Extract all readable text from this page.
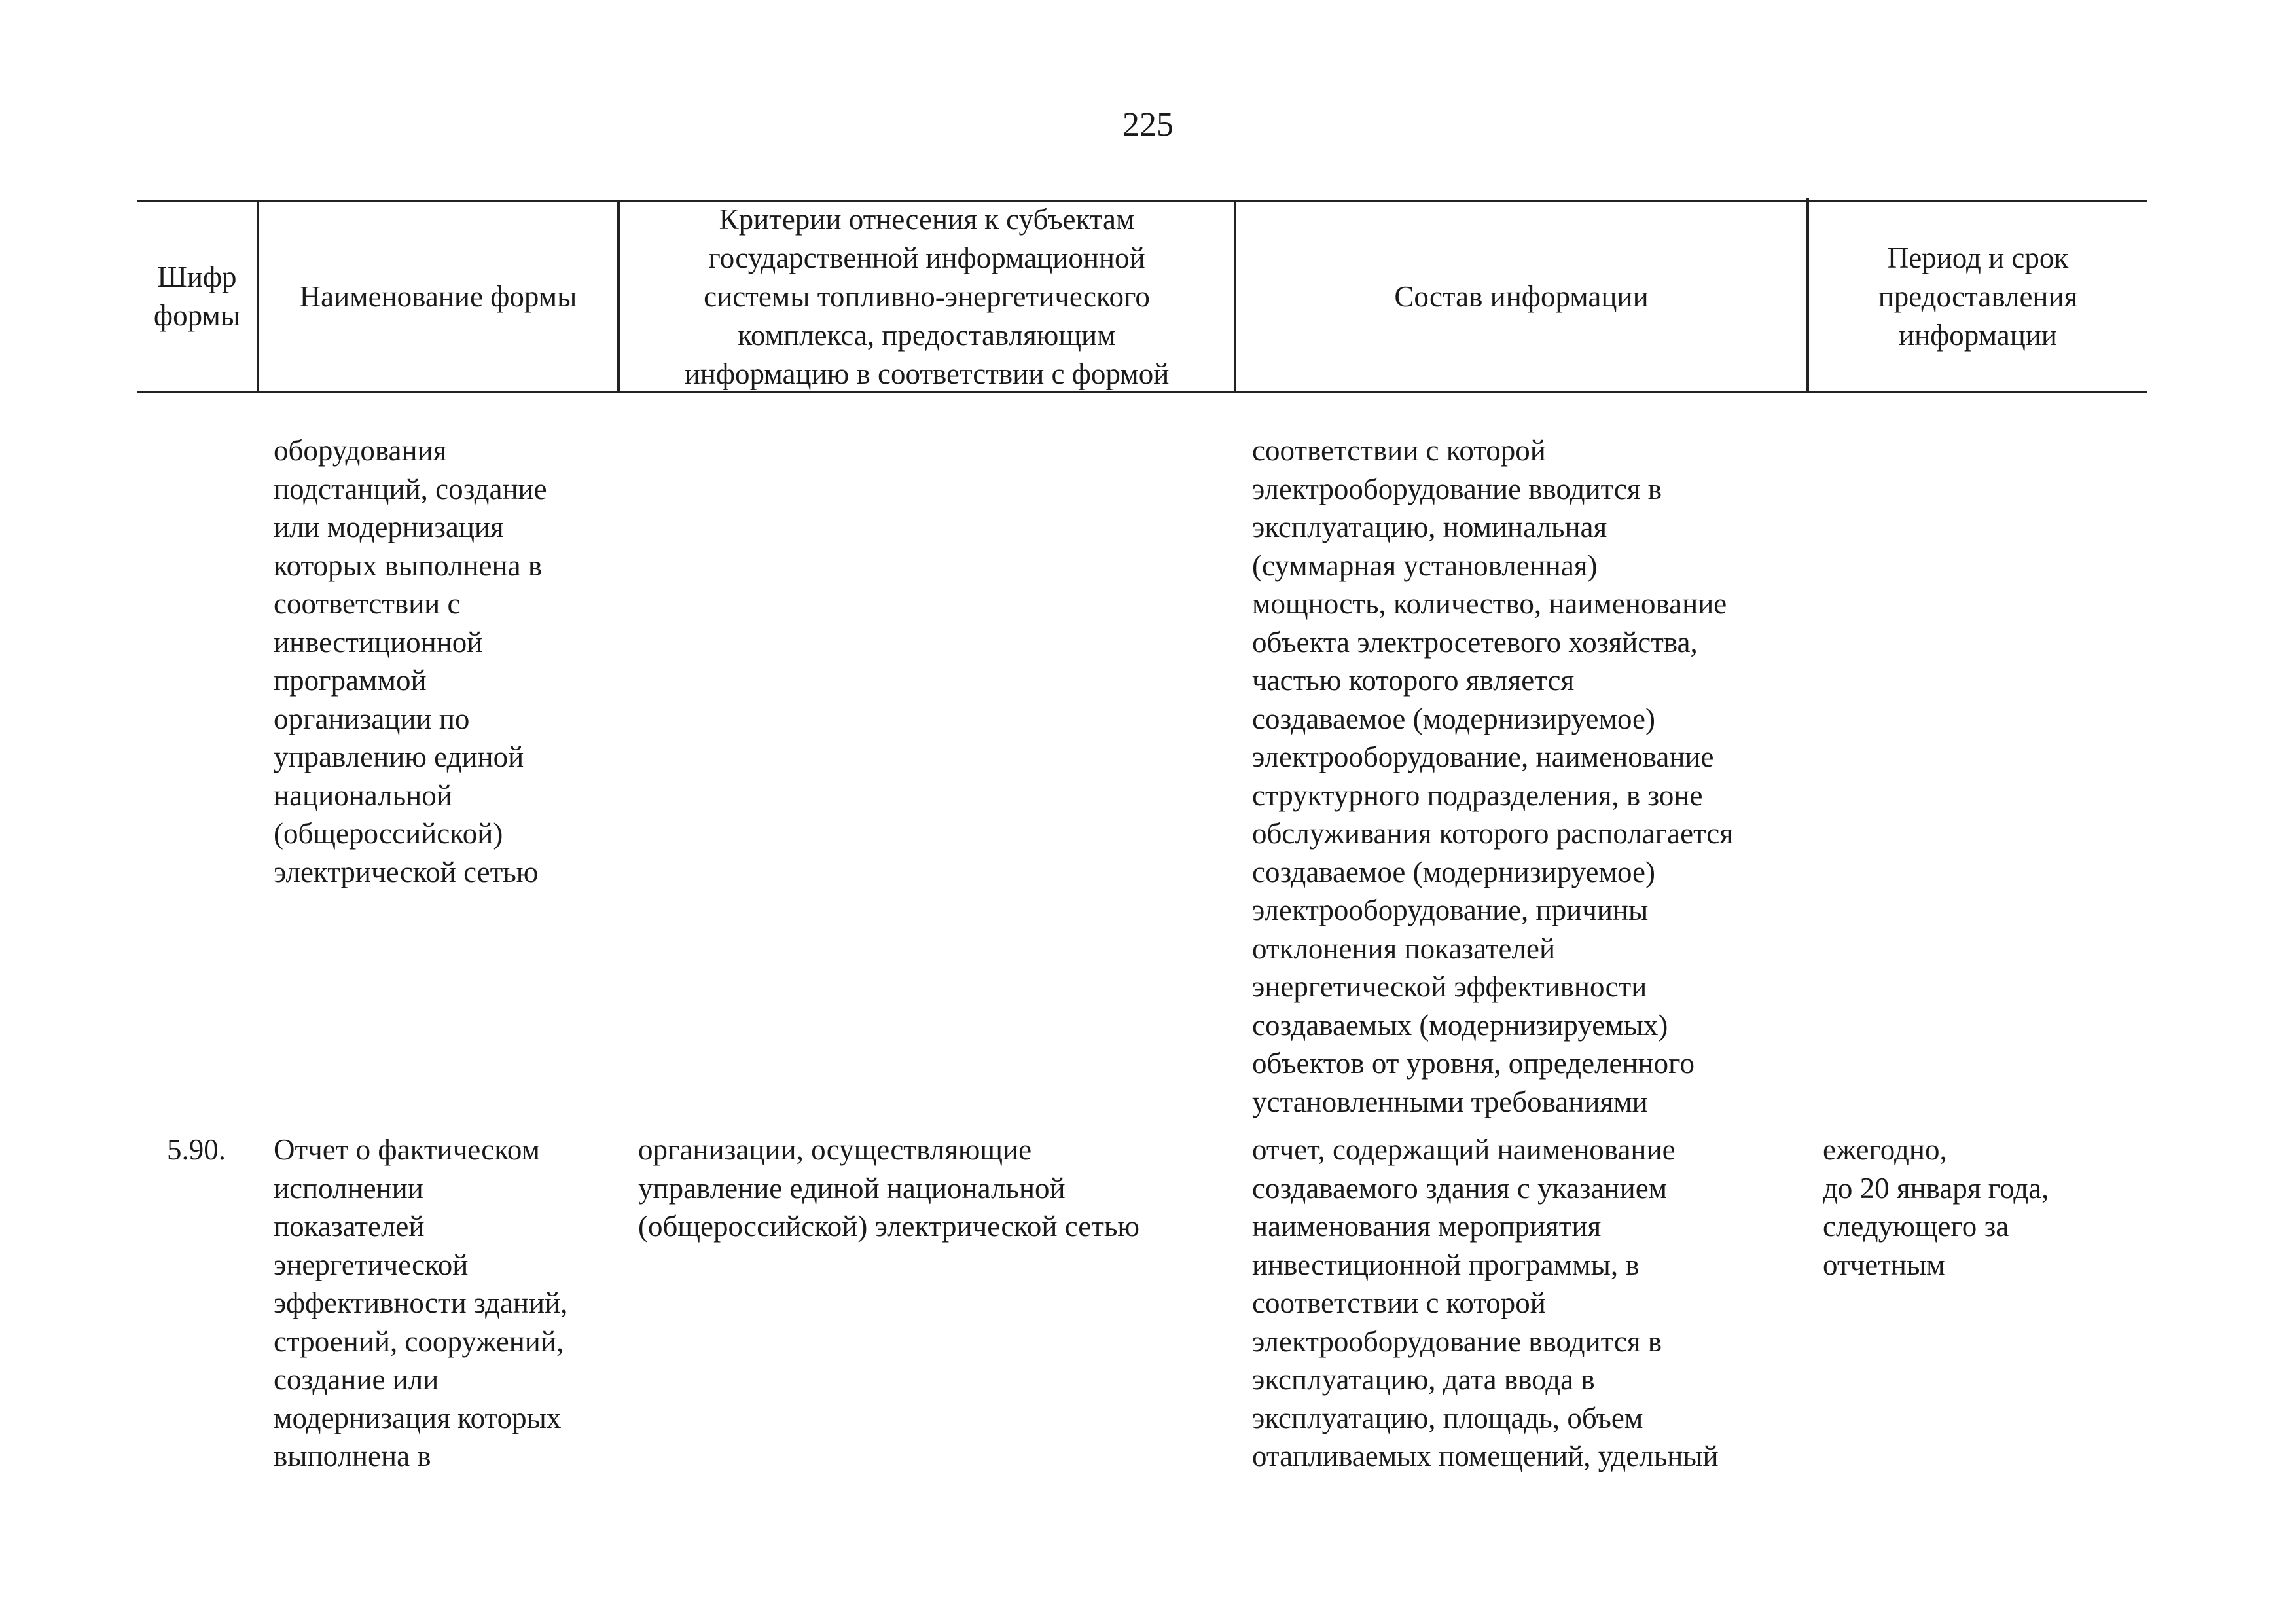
225
Шифр
формы
Наименование формы
Критерии отнесения к субъектам
государственной информационной
системы топливно-энергетического
комплекса, предоставляющим
информацию в соответствии с формой
Состав информации
Период и срок
предоставления
информации
оборудования
подстанций, создание
или модернизация
которых выполнена в
соответствии с
инвестиционной
программой
организации по
управлению единой
национальной
(общероссийской)
электрической сетью
соответствии с которой
электрооборудование вводится в
эксплуатацию, номинальная
(суммарная установленная)
мощность, количество, наименование
объекта электросетевого хозяйства,
частью которого является
создаваемое (модернизируемое)
электрооборудование, наименование
структурного подразделения, в зоне
обслуживания которого располагается
создаваемое (модернизируемое)
электрооборудование, причины
отклонения показателей
энергетической эффективности
создаваемых (модернизируемых)
объектов от уровня, определенного
установленными требованиями
5.90.	Отчет о фактическом
исполнении
показателей
энергетической
эффективности зданий,
строений, сооружений,
создание или
модернизация которых
выполнена в
организации, осуществляющие
управление единой национальной
(общероссийской) электрической сетью
отчет, содержащий наименование
создаваемого здания с указанием
наименования мероприятия
инвестиционной программы, в
соответствии с которой
электрооборудование вводится в
эксплуатацию, дата ввода в
эксплуатацию, площадь, объем
отапливаемых помещений, удельный
ежегодно,
до 20 января года,
следующего за
отчетным
